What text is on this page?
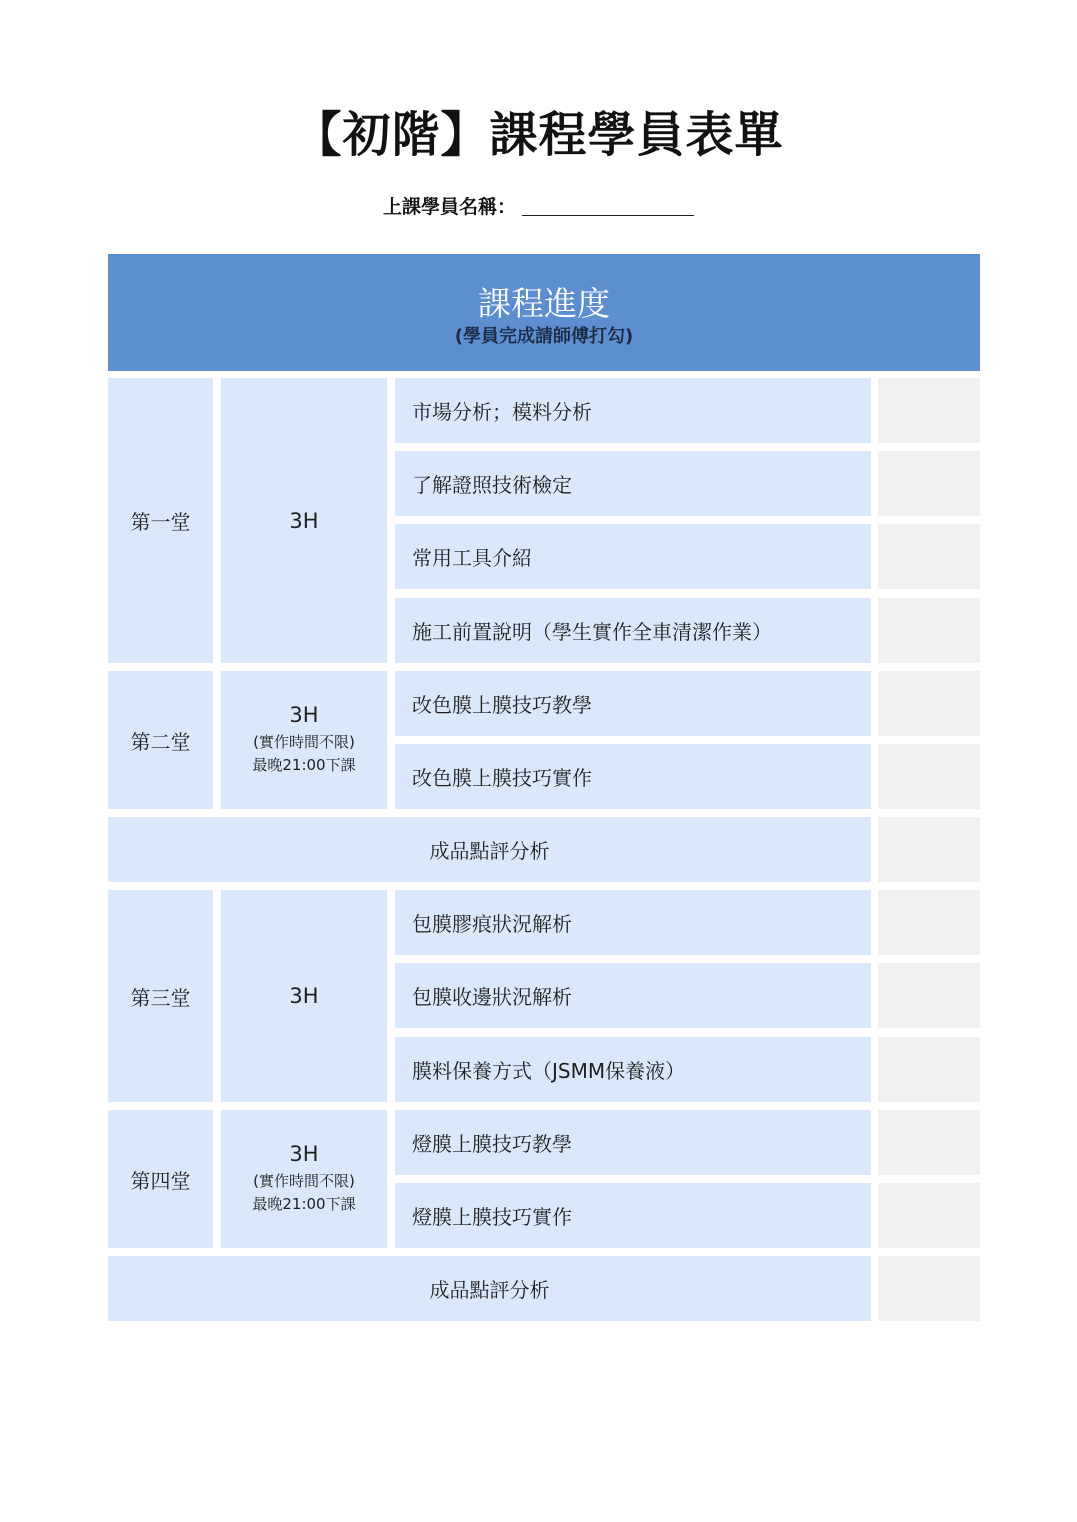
【初階】課程學員表單
上課學員名稱：
課程進度
(學員完成請師傅打勾)
第一堂	3H
市場分析；模料分析
了解證照技術檢定
常用工具介紹
施工前置說明（學生實作全車清潔作業）
第二堂
3H
(實作時間不限)
最晚21:00下課
改色膜上膜技巧教學
改色膜上膜技巧實作
成品點評分析
第三堂	3H
包膜膠痕狀況解析
包膜收邊狀況解析
膜料保養方式（JSMM保養液）
第四堂
3H
(實作時間不限)
最晚21:00下課
燈膜上膜技巧教學
燈膜上膜技巧實作
成品點評分析
